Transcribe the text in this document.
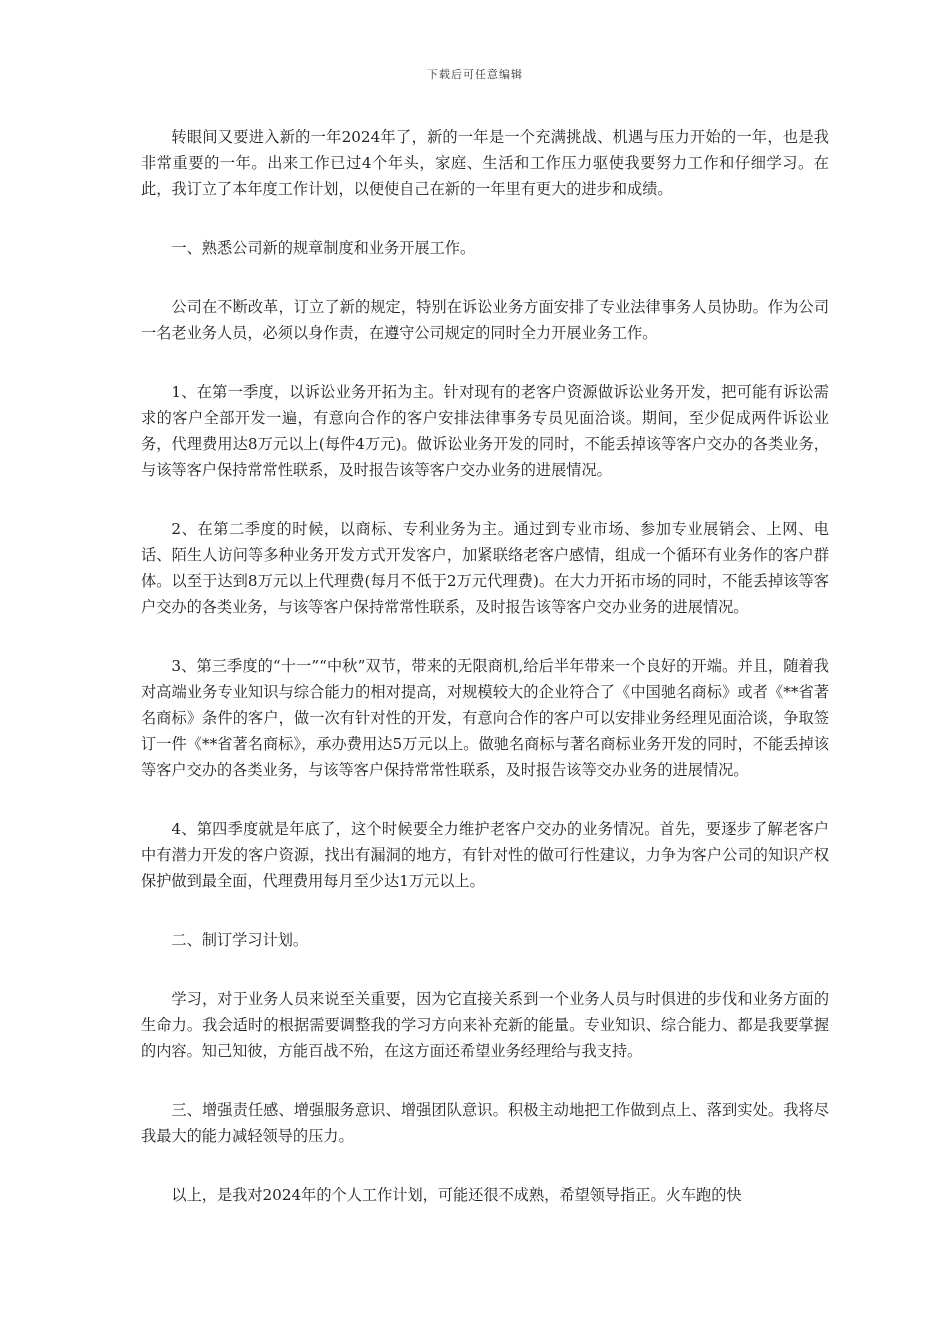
下载后可任意编辑

转眼间又要进入新的一年2024年了，新的一年是一个充满挑战、机遇与压力开始的一年，也是我非常重要的一年。出来工作已过4个年头，家庭、生活和工作压力驱使我要努力工作和仔细学习。在此，我订立了本年度工作计划，以便使自己在新的一年里有更大的进步和成绩。

一、熟悉公司新的规章制度和业务开展工作。

公司在不断改革，订立了新的规定，特别在诉讼业务方面安排了专业法律事务人员协助。作为公司一名老业务人员，必须以身作责，在遵守公司规定的同时全力开展业务工作。

1、在第一季度，以诉讼业务开拓为主。针对现有的老客户资源做诉讼业务开发，把可能有诉讼需求的客户全部开发一遍，有意向合作的客户安排法律事务专员见面洽谈。期间，至少促成两件诉讼业务，代理费用达8万元以上(每件4万元)。做诉讼业务开发的同时，不能丢掉该等客户交办的各类业务，与该等客户保持常常性联系，及时报告该等客户交办业务的进展情况。

2、在第二季度的时候，以商标、专利业务为主。通过到专业市场、参加专业展销会、上网、电话、陌生人访问等多种业务开发方式开发客户，加紧联络老客户感情，组成一个循环有业务作的客户群体。以至于达到8万元以上代理费(每月不低于2万元代理费)。在大力开拓市场的同时，不能丢掉该等客户交办的各类业务，与该等客户保持常常性联系，及时报告该等客户交办业务的进展情况。

3、第三季度的“十一”“中秋”双节，带来的无限商机,给后半年带来一个良好的开端。并且，随着我对高端业务专业知识与综合能力的相对提高，对规模较大的企业符合了《中国驰名商标》或者《**省著名商标》条件的客户，做一次有针对性的开发，有意向合作的客户可以安排业务经理见面洽谈，争取签订一件《**省著名商标》，承办费用达5万元以上。做驰名商标与著名商标业务开发的同时，不能丢掉该等客户交办的各类业务，与该等客户保持常常性联系，及时报告该等交办业务的进展情况。

4、第四季度就是年底了，这个时候要全力维护老客户交办的业务情况。首先，要逐步了解老客户中有潜力开发的客户资源，找出有漏洞的地方，有针对性的做可行性建议，力争为客户公司的知识产权保护做到最全面，代理费用每月至少达1万元以上。

二、制订学习计划。

学习，对于业务人员来说至关重要，因为它直接关系到一个业务人员与时俱进的步伐和业务方面的生命力。我会适时的根据需要调整我的学习方向来补充新的能量。专业知识、综合能力、都是我要掌握的内容。知己知彼，方能百战不殆，在这方面还希望业务经理给与我支持。

三、增强责任感、增强服务意识、增强团队意识。积极主动地把工作做到点上、落到实处。我将尽我最大的能力减轻领导的压力。

以上，是我对2024年的个人工作计划，可能还很不成熟，希望领导指正。火车跑的快
